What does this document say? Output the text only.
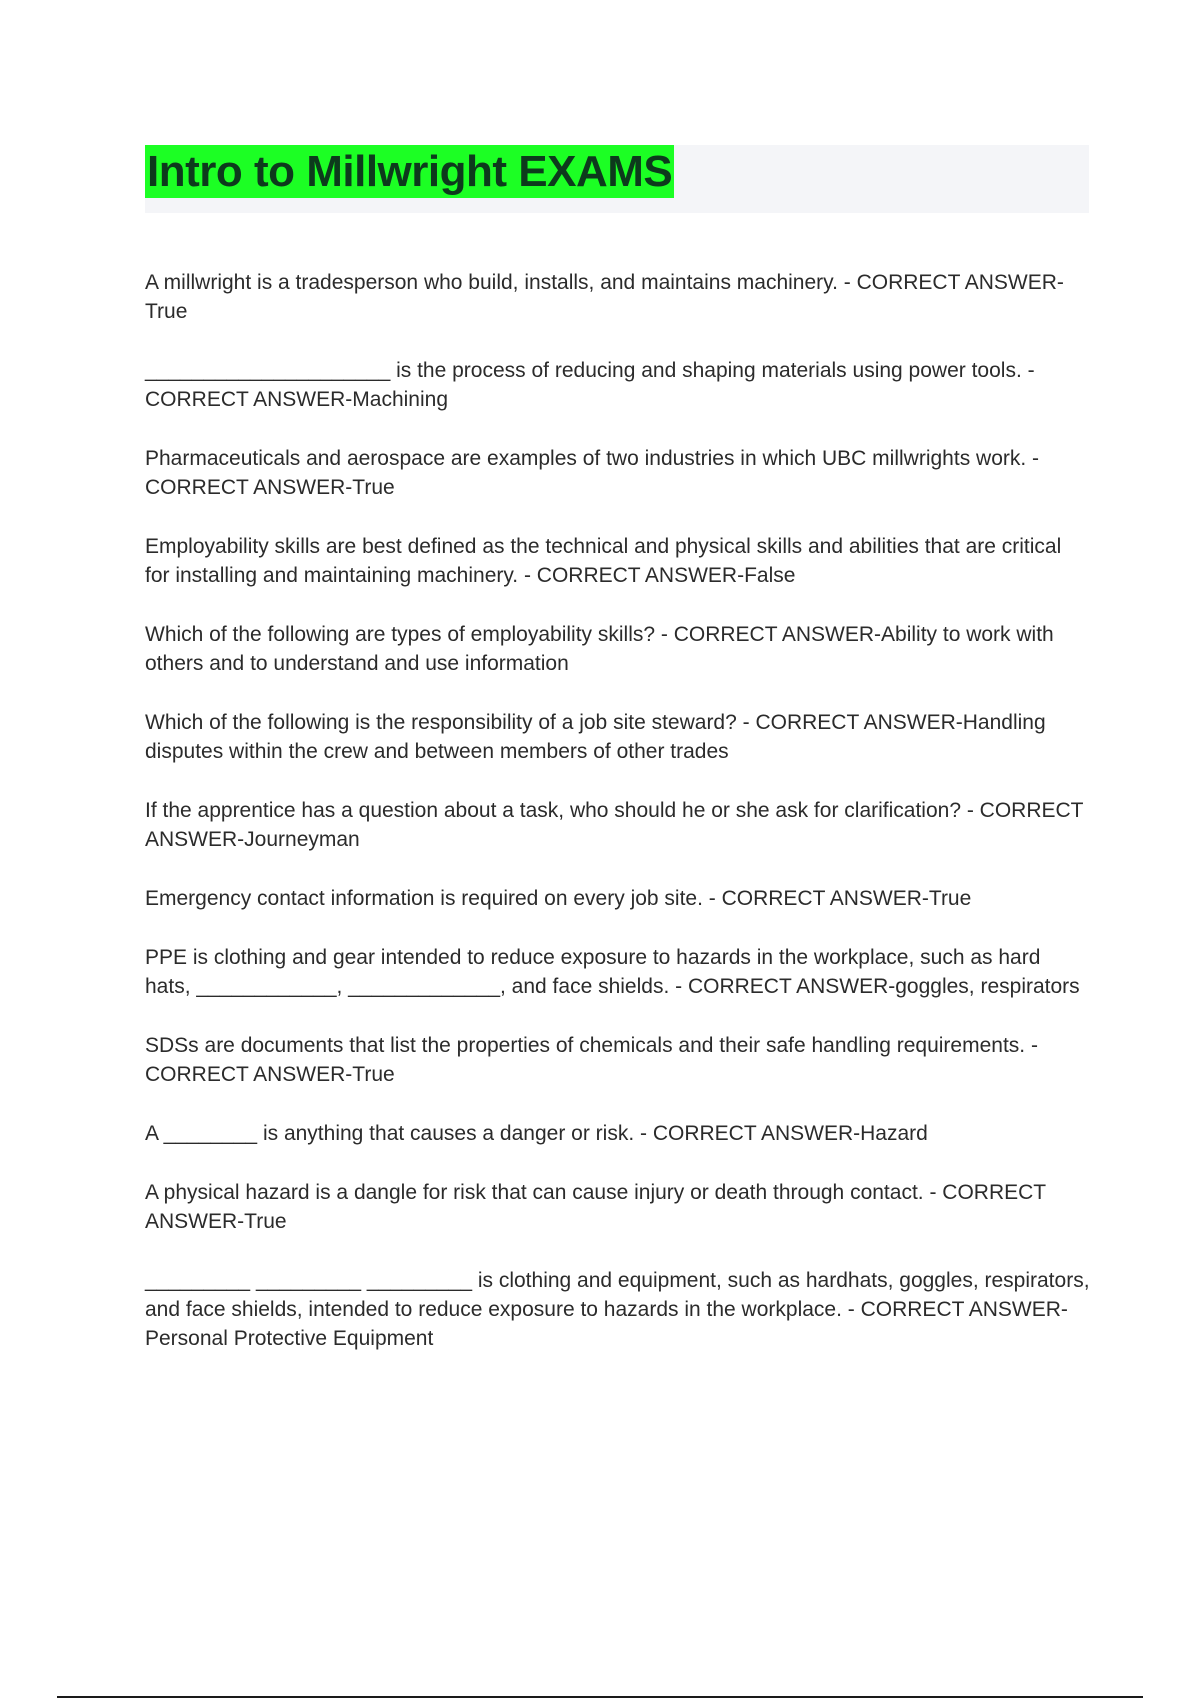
Intro to Millwright EXAMS
A millwright is a tradesperson who build, installs, and maintains machinery. - CORRECT ANSWER-True
_____________________ is the process of reducing and shaping materials using power tools. - CORRECT ANSWER-Machining
Pharmaceuticals and aerospace are examples of two industries in which UBC millwrights work. - CORRECT ANSWER-True
Employability skills are best defined as the technical and physical skills and abilities that are critical for installing and maintaining machinery. - CORRECT ANSWER-False
Which of the following are types of employability skills? - CORRECT ANSWER-Ability to work with others and to understand and use information
Which of the following is the responsibility of a job site steward? - CORRECT ANSWER-Handling disputes within the crew and between members of other trades
If the apprentice has a question about a task, who should he or she ask for clarification? - CORRECT ANSWER-Journeyman
Emergency contact information is required on every job site. - CORRECT ANSWER-True
PPE is clothing and gear intended to reduce exposure to hazards in the workplace, such as hard hats, ____________, _____________, and face shields. - CORRECT ANSWER-goggles, respirators
SDSs are documents that list the properties of chemicals and their safe handling requirements. - CORRECT ANSWER-True
A ________ is anything that causes a danger or risk. - CORRECT ANSWER-Hazard
A physical hazard is a dangle for risk that can cause injury or death through contact. - CORRECT ANSWER-True
_________ _________ _________ is clothing and equipment, such as hardhats, goggles, respirators, and face shields, intended to reduce exposure to hazards in the workplace. - CORRECT ANSWER-Personal Protective Equipment
